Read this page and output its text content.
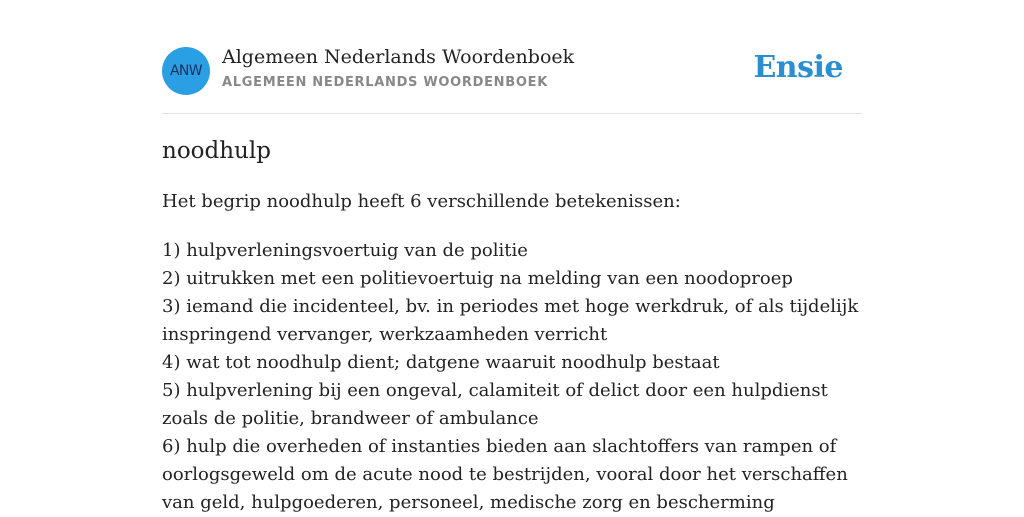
ANW
Algemeen Nederlands Woordenboek
ALGEMEEN NEDERLANDS WOORDENBOEK	Ensie
noodhulp

Het begrip noodhulp heeft 6 verschillende betekenissen:

1) hulpverleningsvoertuig van de politie
2) uitrukken met een politievoertuig na melding van een noodoproep
3) iemand die incidenteel, bv. in periodes met hoge werkdruk, of als tijdelijk inspringend vervanger, werkzaamheden verricht
4) wat tot noodhulp dient; datgene waaruit noodhulp bestaat
5) hulpverlening bij een ongeval, calamiteit of delict door een hulpdienst zoals de politie, brandweer of ambulance
6) hulp die overheden of instanties bieden aan slachtoffers van rampen of oorlogsgeweld om de acute nood te bestrijden, vooral door het verschaffen van geld, hulpgoederen, personeel, medische zorg en bescherming
